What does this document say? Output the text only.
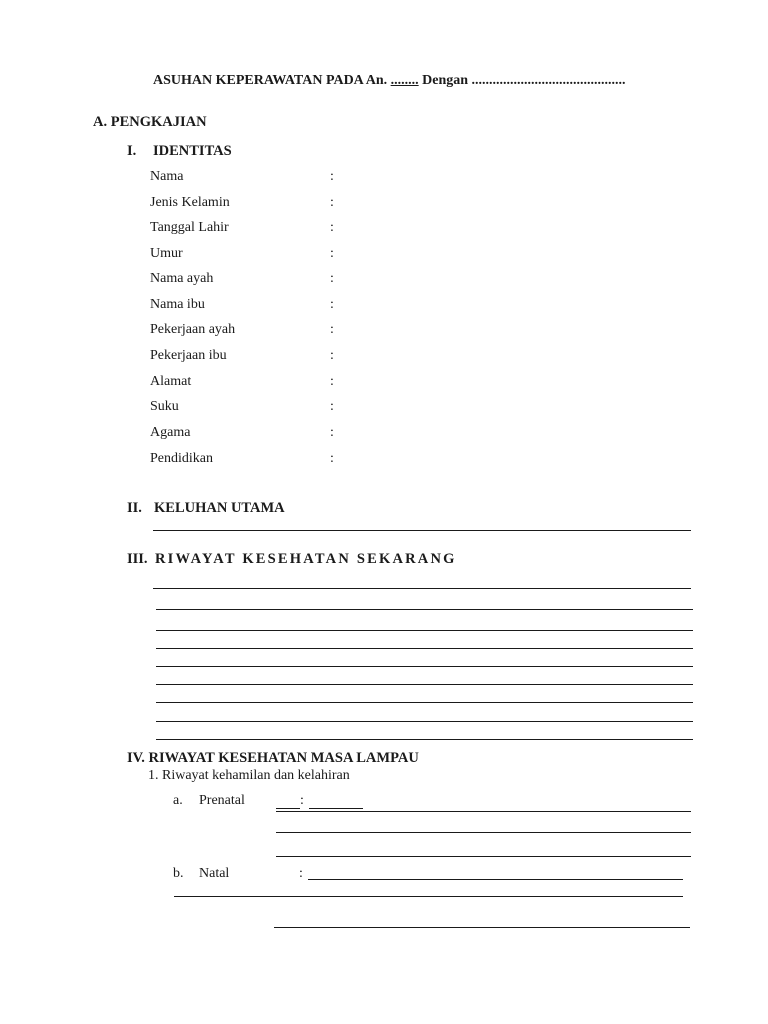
ASUHAN KEPERAWATAN PADA An. ........ Dengan ............................................
A. PENGKAJIAN
I. IDENTITAS
Nama	:
Jenis Kelamin	:
Tanggal Lahir	:
Umur	:
Nama ayah	:
Nama ibu	:
Pekerjaan ayah	:
Pekerjaan ibu	:
Alamat	:
Suku	:
Agama	:
Pendidikan	:
II. KELUHAN UTAMA
III. RIWAYAT KESEHATAN SEKARANG
IV. RIWAYAT KESEHATAN MASA LAMPAU
1. Riwayat kehamilan dan kelahiran
a. Prenatal	:
b. Natal	:
